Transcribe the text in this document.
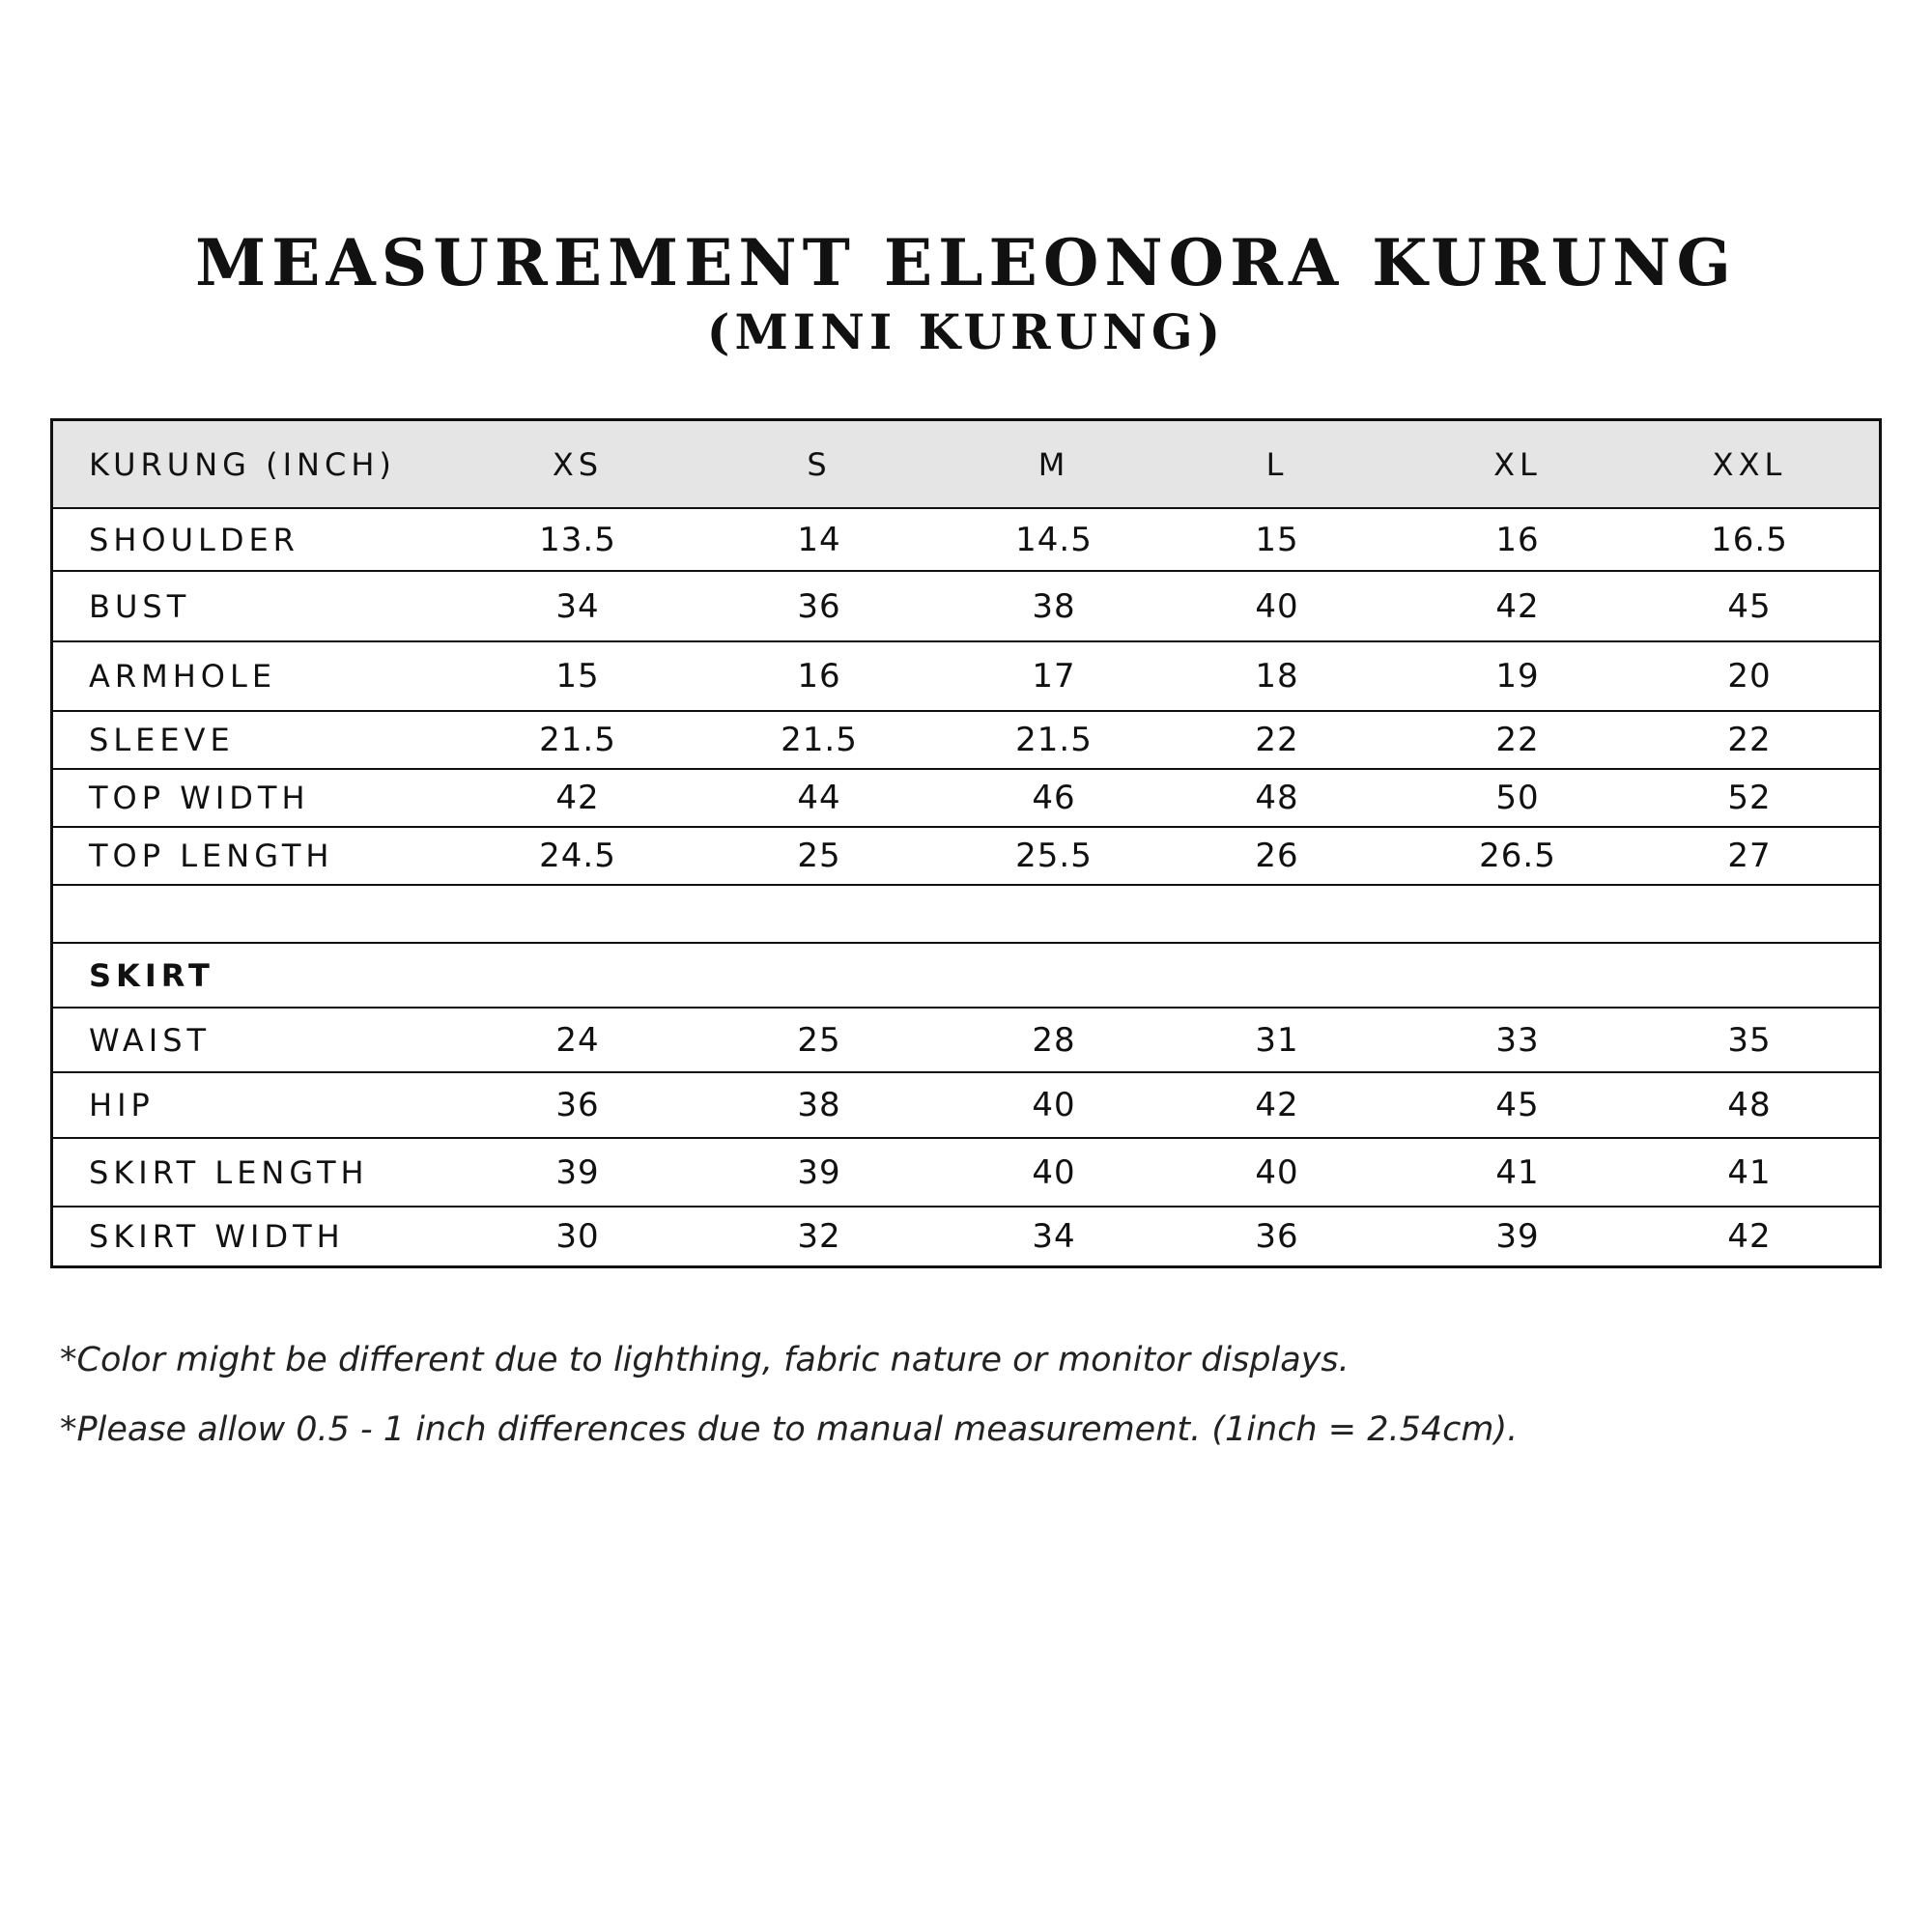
MEASUREMENT ELEONORA KURUNG
(MINI KURUNG)
KURUNG (INCH)	XS	S	M	L	XL	XXL
SHOULDER	13.5	14	14.5	15	16	16.5
BUST	34	36	38	40	42	45
ARMHOLE	15	16	17	18	19	20
SLEEVE	21.5	21.5	21.5	22	22	22
TOP WIDTH	42	44	46	48	50	52
TOP LENGTH	24.5	25	25.5	26	26.5	27
SKIRT
WAIST	24	25	28	31	33	35
HIP	36	38	40	42	45	48
SKIRT LENGTH	39	39	40	40	41	41
SKIRT WIDTH	30	32	34	36	39	42
*Color might be different due to lighthing, fabric nature or monitor displays.
*Please allow 0.5 - 1 inch differences due to manual measurement. (1inch = 2.54cm).
